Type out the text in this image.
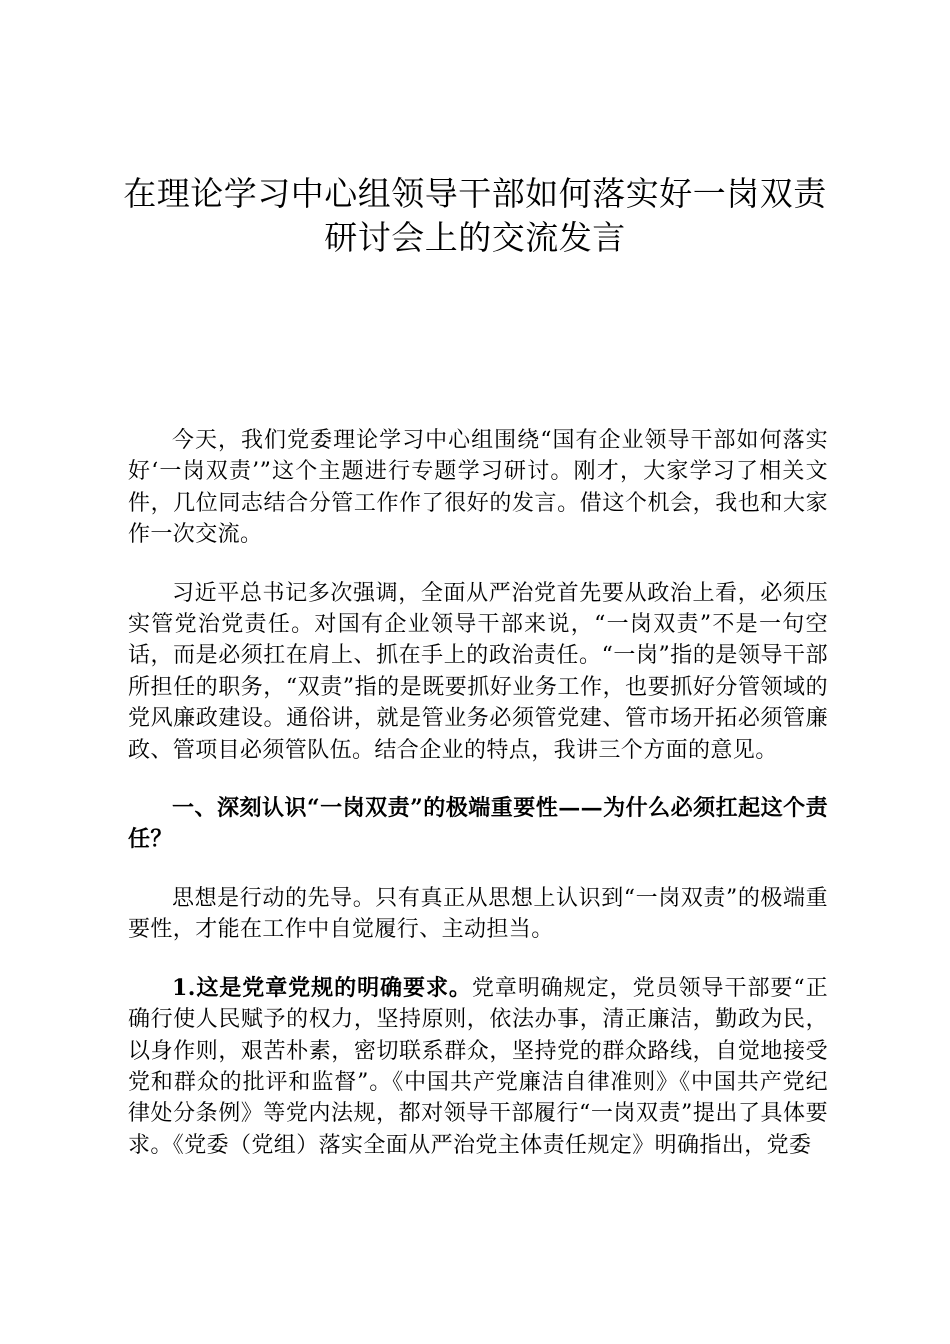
在理论学习中心组领导干部如何落实好一岗双责研讨会上的交流发言

今天，我们党委理论学习中心组围绕“国有企业领导干部如何落实好‘一岗双责’”这个主题进行专题学习研讨。刚才，大家学习了相关文件，几位同志结合分管工作作了很好的发言。借这个机会，我也和大家作一次交流。

习近平总书记多次强调，全面从严治党首先要从政治上看，必须压实管党治党责任。对国有企业领导干部来说，“一岗双责”不是一句空话，而是必须扛在肩上、抓在手上的政治责任。“一岗”指的是领导干部所担任的职务，“双责”指的是既要抓好业务工作，也要抓好分管领域的党风廉政建设。通俗讲，就是管业务必须管党建、管市场开拓必须管廉政、管项目必须管队伍。结合企业的特点，我讲三个方面的意见。

一、深刻认识“一岗双责”的极端重要性——为什么必须扛起这个责任？

思想是行动的先导。只有真正从思想上认识到“一岗双责”的极端重要性，才能在工作中自觉履行、主动担当。

1.这是党章党规的明确要求。党章明确规定，党员领导干部要“正确行使人民赋予的权力，坚持原则，依法办事，清正廉洁，勤政为民，以身作则，艰苦朴素，密切联系群众，坚持党的群众路线，自觉地接受党和群众的批评和监督”。《中国共产党廉洁自律准则》《中国共产党纪律处分条例》等党内法规，都对领导干部履行“一岗双责”提出了具体要求。《党委（党组）落实全面从严治党主体责任规定》明确指出，党委
